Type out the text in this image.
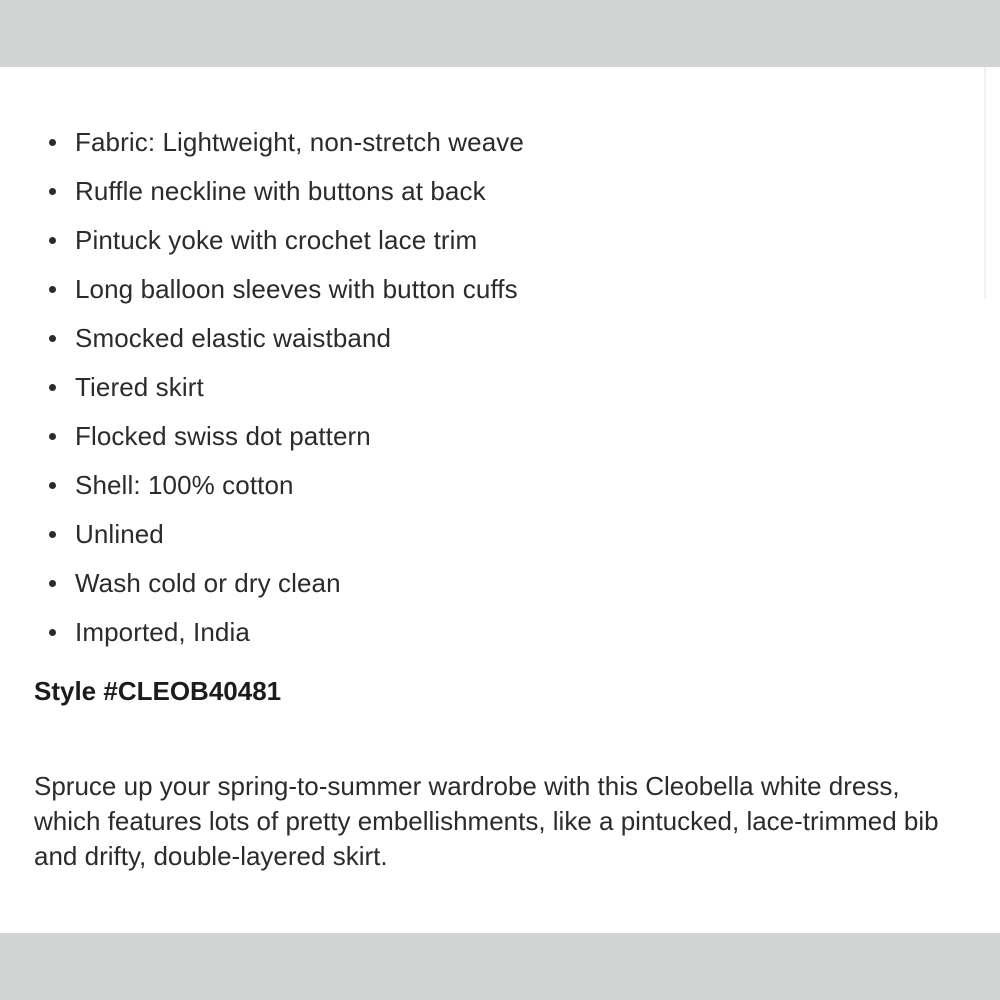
Fabric: Lightweight, non-stretch weave
Ruffle neckline with buttons at back
Pintuck yoke with crochet lace trim
Long balloon sleeves with button cuffs
Smocked elastic waistband
Tiered skirt
Flocked swiss dot pattern
Shell: 100% cotton
Unlined
Wash cold or dry clean
Imported, India
Style #CLEOB40481

Spruce up your spring-to-summer wardrobe with this Cleobella white dress, which features lots of pretty embellishments, like a pintucked, lace-trimmed bib and drifty, double-layered skirt.
